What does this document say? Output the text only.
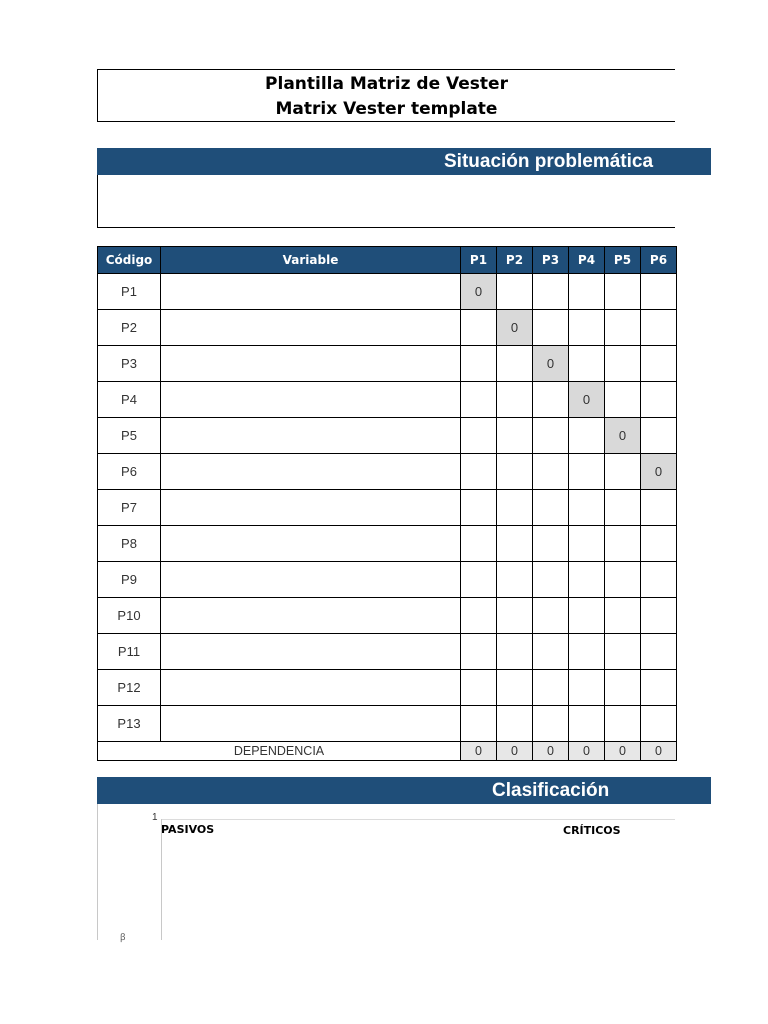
Plantilla Matriz de Vester
Matrix Vester template
Situación problemática
Código	Variable	P1	P2	P3	P4	P5	P6
P1		0					
P2			0				
P3				0			
P4					0		
P5						0	
P6							0
P7							
P8							
P9							
P10							
P11							
P12							
P13							
DEPENDENCIA		0	0	0	0	0	0
Clasificación
1
ꞵ
PASIVOS	CRÍTICOS
